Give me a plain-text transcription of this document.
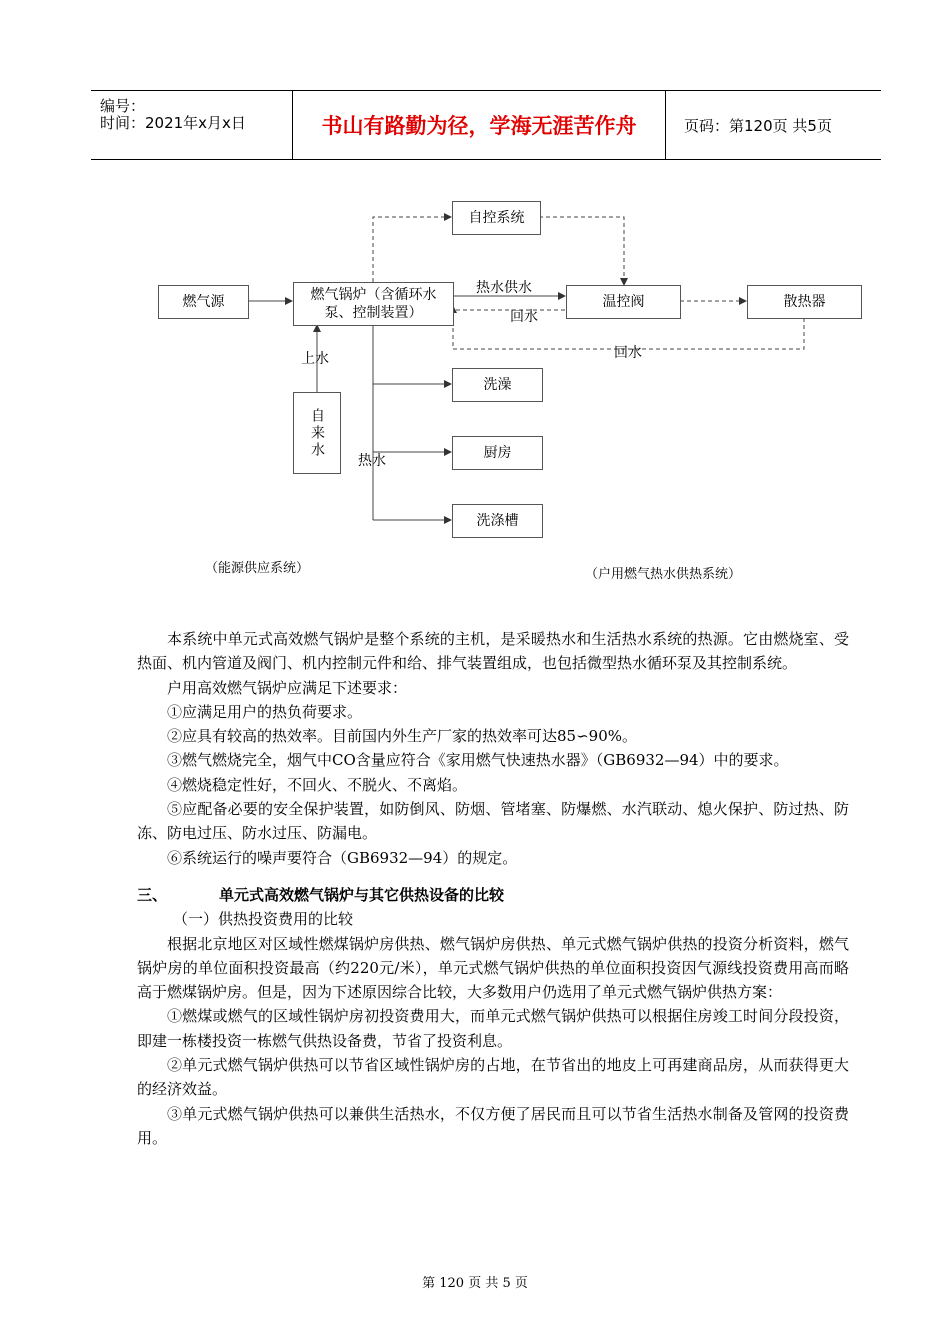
编号：
时间：2021年x月x日	书山有路勤为径，学海无涯苦作舟	页码：第120页 共5页
燃气源	燃气锅炉（含循环水
泵、控制装置）
自控系统
温控阀	散热器
洗澡
厨房
洗涤槽
自来水
上水
热水供水
回水
回水
热水
（能源供应系统）	（户用燃气热水供热系统）

本系统中单元式高效燃气锅炉是整个系统的主机，是采暖热水和生活热水系统的热源。它由燃烧室、受热面、机内管道及阀门、机内控制元件和给、排气装置组成，也包括微型热水循环泵及其控制系统。

户用高效燃气锅炉应满足下述要求：

①应满足用户的热负荷要求。

②应具有较高的热效率。目前国内外生产厂家的热效率可达85∽90%。

③燃气燃烧完全，烟气中CO含量应符合《家用燃气快速热水器》（GB6932—94）中的要求。

④燃烧稳定性好，不回火、不脱火、不离焰。

⑤应配备必要的安全保护装置，如防倒风、防烟、管堵塞、防爆燃、水汽联动、熄火保护、防过热、防冻、防电过压、防水过压、防漏电。

⑥系统运行的噪声要符合（GB6932—94）的规定。

三、	单元式高效燃气锅炉与其它供热设备的比较

（一）供热投资费用的比较

根据北京地区对区域性燃煤锅炉房供热、燃气锅炉房供热、单元式燃气锅炉供热的投资分析资料，燃气锅炉房的单位面积投资最高（约220元/米），单元式燃气锅炉供热的单位面积投资因气源线投资费用高而略高于燃煤锅炉房。但是，因为下述原因综合比较，大多数用户仍选用了单元式燃气锅炉供热方案：

①燃煤或燃气的区域性锅炉房初投资费用大，而单元式燃气锅炉供热可以根据住房竣工时间分段投资，即建一栋楼投资一栋燃气供热设备费，节省了投资利息。

②单元式燃气锅炉供热可以节省区域性锅炉房的占地，在节省出的地皮上可再建商品房，从而获得更大的经济效益。

③单元式燃气锅炉供热可以兼供生活热水，不仅方便了居民而且可以节省生活热水制备及管网的投资费用。

第 120 页 共 5 页
